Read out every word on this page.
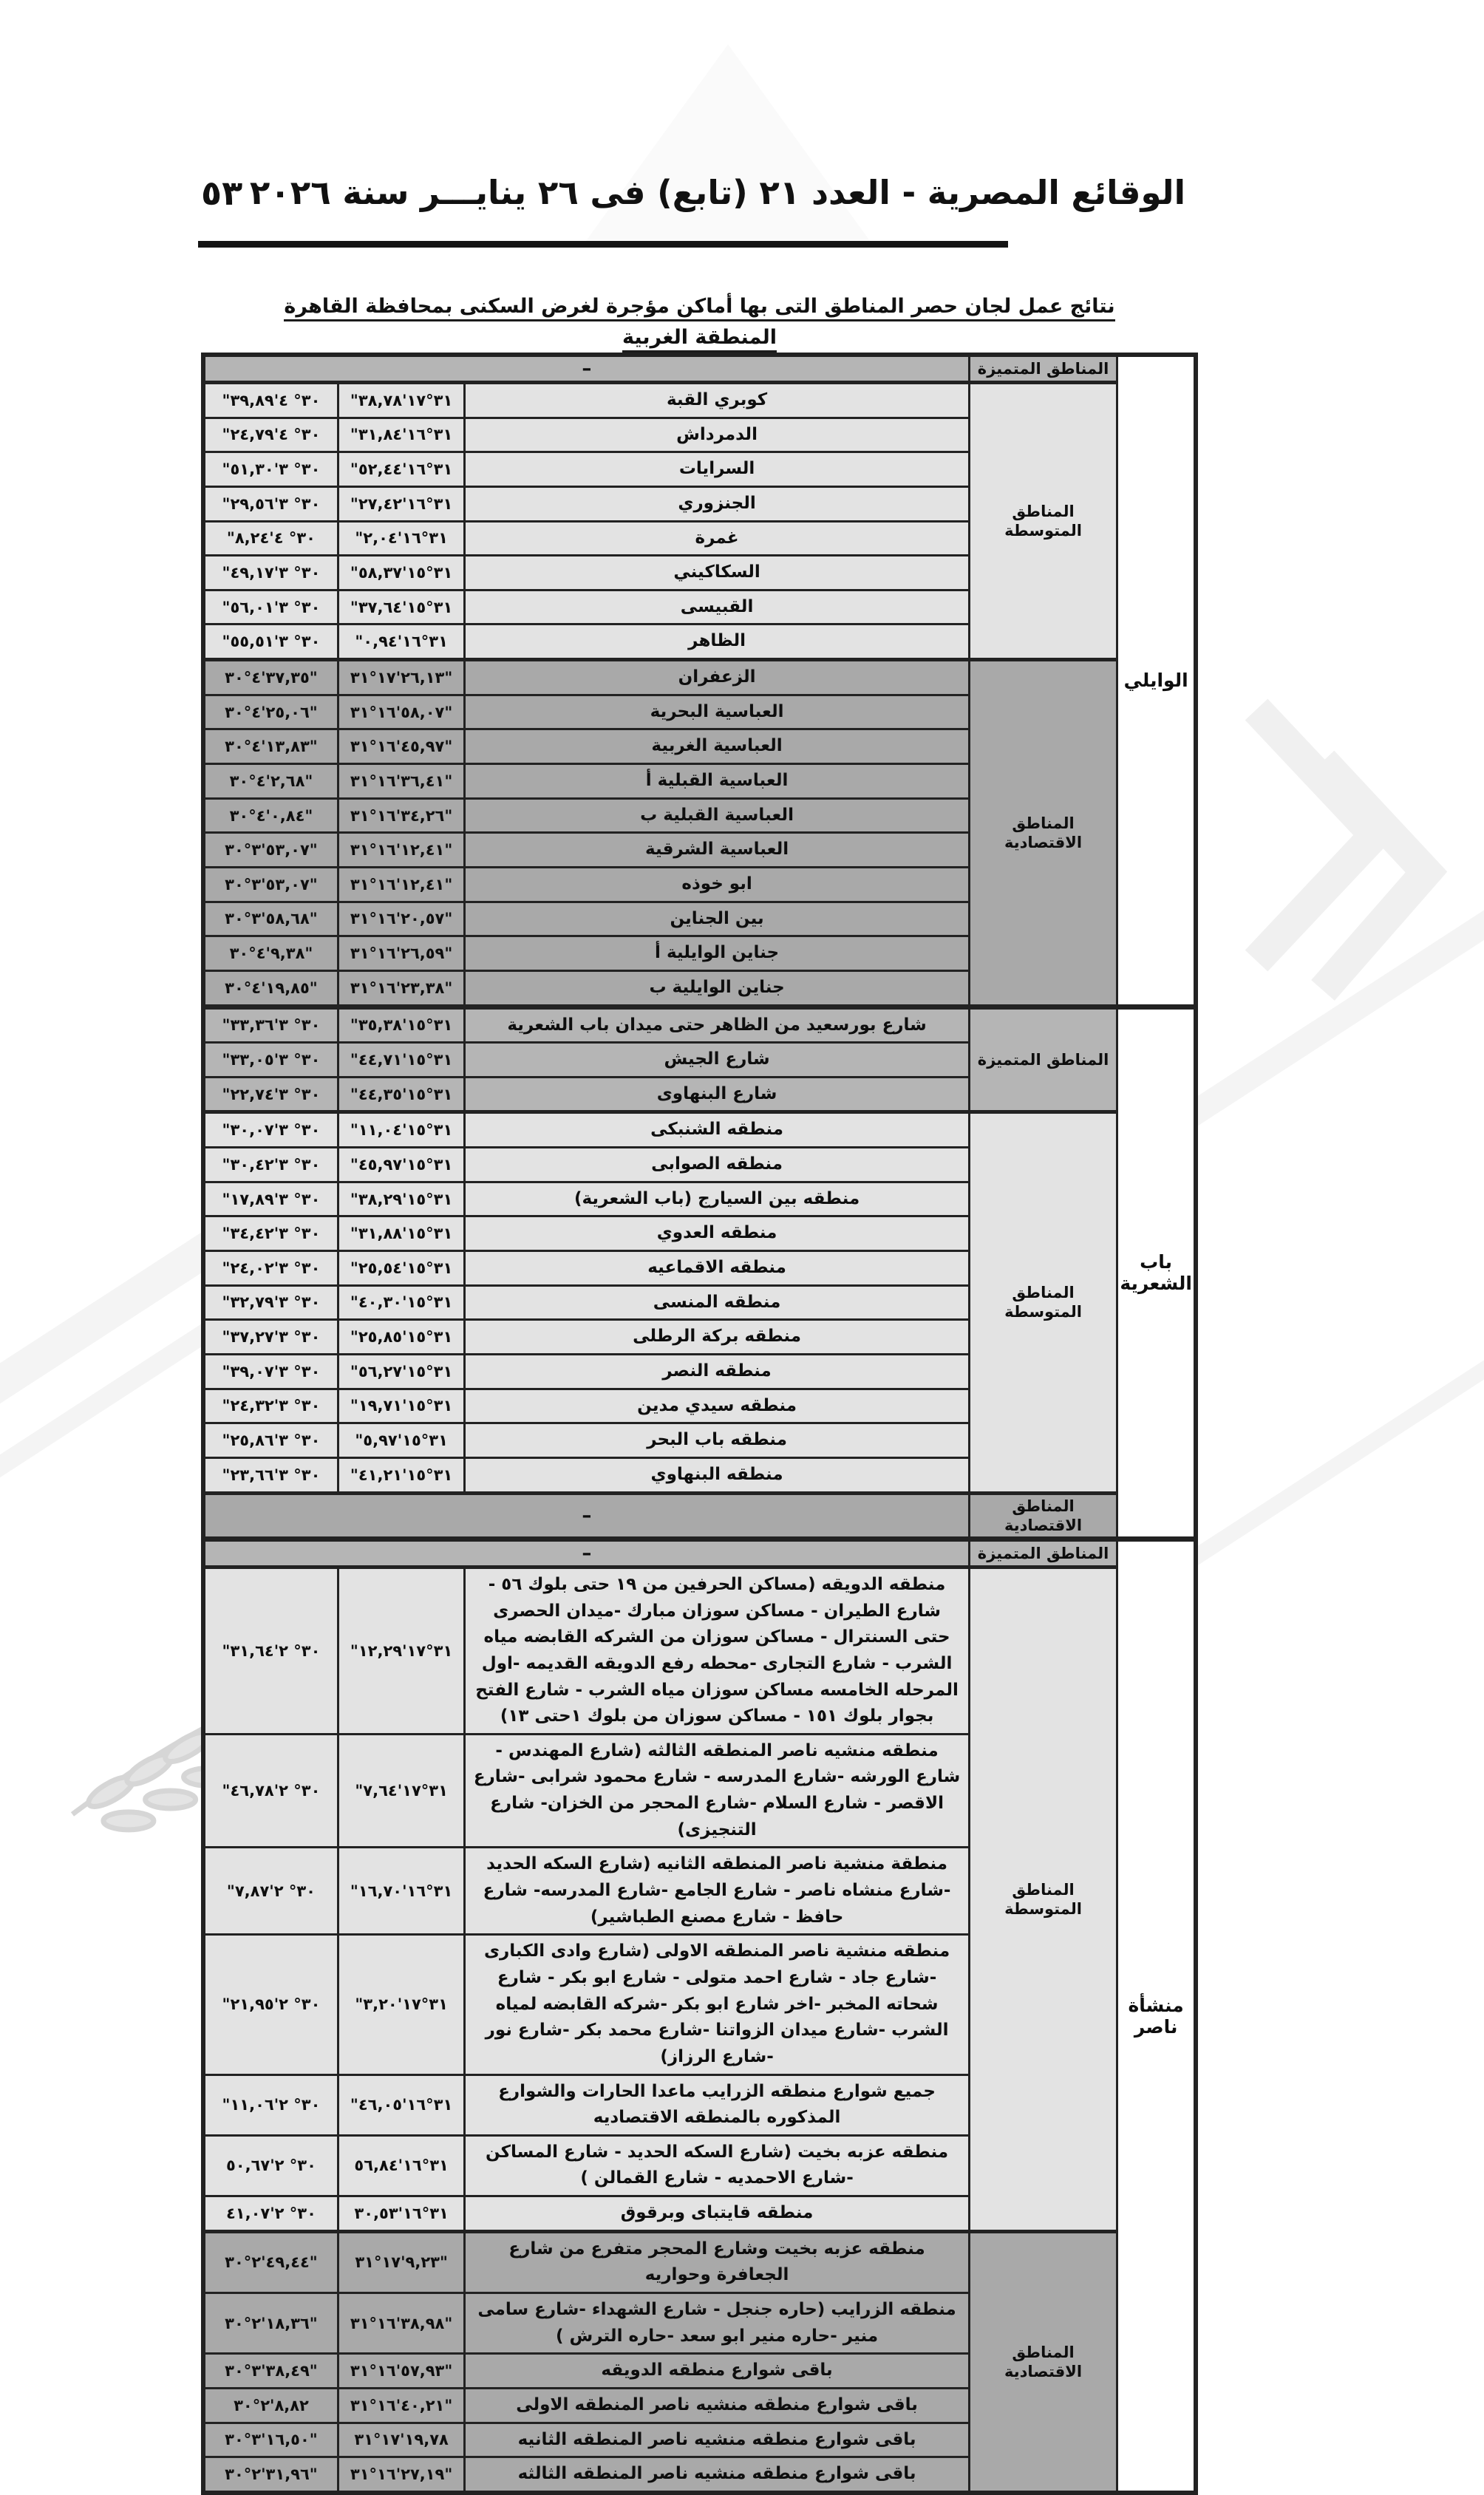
٥٣ الوقائع المصرية - العدد ٢١ (تابع) فى ٢٦ ينايـــر سنة ٢٠٢٦
نتائج عمل لجان حصر المناطق التى بها أماكن مؤجرة لغرض السكنى بمحافظة القاهرة
المنطقة الغربية
الوايلي	المناطق المتميزة	–		
	المناطق المتوسطة	كوبري القبة	"٣٨,٧٨'١٧°٣١	"٣٩,٨٩'٤ °٣٠
		الدمرداش	"٣١,٨٤'١٦°٣١	"٢٤,٧٩'٤ °٣٠
		السرايات	"٥٢,٤٤'١٦°٣١	"٥١,٣٠'٣ °٣٠
		الجنزوري	"٢٧,٤٢'١٦°٣١	"٢٩,٥٦'٣ °٣٠
		غمرة	"٢,٠٤'١٦°٣١	"٨,٢٤'٤ °٣٠
		السكاكيني	"٥٨,٣٧'١٥°٣١	"٤٩,١٧'٣ °٣٠
		القبيسى	"٣٧,٦٤'١٥°٣١	"٥٦,٠١'٣ °٣٠
		الظاهر	"٠,٩٤'١٦°٣١	"٥٥,٥١'٣ °٣٠
	المناطق الاقتصادية	الزعفران	٣١°١٧'٢٦,١٣"	٣٠°٤'٣٧,٣٥"
		العباسية البحرية	٣١°١٦'٥٨,٠٧"	٣٠°٤'٢٥,٠٦"
		العباسية الغربية	٣١°١٦'٤٥,٩٧"	٣٠°٤'١٣,٨٣"
		العباسية القبلية أ	٣١°١٦'٣٦,٤١"	٣٠°٤'٢,٦٨"
		العباسية القبلية ب	٣١°١٦'٣٤,٢٦"	٣٠°٤'٠,٨٤"
		العباسية الشرقية	٣١°١٦'١٢,٤١"	٣٠°٣'٥٣,٠٧"
		ابو خوذه	٣١°١٦'١٢,٤١"	٣٠°٣'٥٣,٠٧"
		بين الجناين	٣١°١٦'٢٠,٥٧"	٣٠°٣'٥٨,٦٨"
		جناين الوايلية أ	٣١°١٦'٢٦,٥٩"	٣٠°٤'٩,٣٨"
		جناين الوايلية ب	٣١°١٦'٢٣,٣٨"	٣٠°٤'١٩,٨٥"
باب الشعرية	المناطق المتميزة	شارع بورسعيد من الظاهر حتى ميدان باب الشعرية	"٣٥,٣٨'١٥°٣١	"٣٣,٣٦'٣ °٣٠
		شارع الجيش	"٤٤,٧١'١٥°٣١	"٣٣,٠٥'٣ °٣٠
		شارع البنهاوى	"٤٤,٣٥'١٥°٣١	"٢٢,٧٤'٣ °٣٠
	المناطق المتوسطة	منطقه الشنبكى	"١١,٠٤'١٥°٣١	"٣٠,٠٧'٣ °٣٠
		منطقه الصوابى	"٤٥,٩٧'١٥°٣١	"٣٠,٤٢'٣ °٣٠
		منطقه بين السيارج (باب الشعرية)	"٣٨,٢٩'١٥°٣١	"١٧,٨٩'٣ °٣٠
		منطقه العدوي	"٣١,٨٨'١٥°٣١	"٣٤,٤٢'٣ °٣٠
		منطقه الاقماعيه	"٢٥,٥٤'١٥°٣١	"٢٤,٠٢'٣ °٣٠
		منطقه المنسى	"٤٠,٣٠'١٥°٣١	"٣٢,٧٩'٣ °٣٠
		منطقه بركة الرطلى	"٢٥,٨٥'١٥°٣١	"٣٧,٢٧'٣ °٣٠
		منطقه النصر	"٥٦,٢٧'١٥°٣١	"٣٩,٠٧'٣ °٣٠
		منطقه سيدي مدين	"١٩,٧١'١٥°٣١	"٢٤,٣٢'٣ °٣٠
		منطقه باب البحر	"٥,٩٧'١٥°٣١	"٢٥,٨٦'٣ °٣٠
		منطقه البنهاوي	"٤١,٢١'١٥°٣١	"٢٣,٦٦'٣ °٣٠
	المناطق الاقتصادية	–		
منشأة ناصر	المناطق المتميزة	–		
	المناطق المتوسطة	منطقه الدويقه (مساكن الحرفين من ١٩ حتى بلوك ٥٦ - شارع الطيران - مساكن سوزان مبارك -ميدان الحصرى حتى السنترال - مساكن سوزان من الشركه القابضه مياه الشرب - شارع التجارى -محطه رفع الدويقه القديمه -اول المرحله الخامسه مساكن سوزان مياه الشرب - شارع الفتح بجوار بلوك ١٥١ - مساكن سوزان من بلوك ١حتى ١٣)	"١٢,٢٩'١٧°٣١	"٣١,٦٤'٢ °٣٠
		منطقه منشيه ناصر المنطقه الثالثه (شارع المهندس - شارع الورشه -شارع المدرسه - شارع محمود شرابى -شارع الاقصر - شارع السلام -شارع المحجر من الخزان- شارع التنجيزى)	"٧,٦٤'١٧°٣١	"٤٦,٧٨'٢ °٣٠
		منطقة منشية ناصر المنطقه الثانيه (شارع السكه الحديد -شارع منشاه ناصر - شارع الجامع -شارع المدرسه- شارع حافظ - شارع مصنع الطباشير)	"١٦,٧٠'١٦°٣١	"٧,٨٧'٢ °٣٠
		منطقه منشية ناصر المنطقه الاولى (شارع وادى الكبارى -شارع جاد - شارع احمد متولى - شارع ابو بكر - شارع شحاته المخبر -اخر شارع ابو بكر -شركه القابضه لمياه الشرب -شارع ميدان الزواتنا -شارع محمد بكر -شارع نور -شارع الرزاز)	"٣,٢٠'١٧°٣١	"٢١,٩٥'٢ °٣٠
		جميع شوارع منطقه الزرايب ماعدا الحارات والشوارع المذكوره بالمنطقه الاقتصاديه	"٤٦,٠٥'١٦°٣١	"١١,٠٦'٢ °٣٠
		منطقه عزبه بخيت (شارع السكه الحديد - شارع المساكن -شارع الاحمديه - شارع القمالن )	٥٦,٨٤'١٦°٣١	٥٠,٦٧'٢ °٣٠
		منطقه قايتباى وبرقوق	٣٠,٥٣'١٦°٣١	٤١,٠٧'٢ °٣٠
	المناطق الاقتصادية	منطقه عزبه بخيت وشارع المحجر متفرع من شارع الجعافرة وحواريه	٣١°١٧'٩,٢٣"	٣٠°٢'٤٩,٤٤"
		منطقه الزرايب (حاره جنجل - شارع الشهداء -شارع سامى منير -حاره منير ابو سعد -حاره الترش )	٣١°١٦'٣٨,٩٨"	٣٠°٢'١٨,٣٦"
		باقى شوارع منطقه الدويقه	٣١°١٦'٥٧,٩٣"	٣٠°٣'٣٨,٤٩"
		باقى شوارع منطقه منشيه ناصر المنطقه الاولى	٣١°١٦'٤٠,٢١"	٣٠°٢'٨,٨٢
		باقى شوارع منطقه منشيه ناصر المنطقه الثانيه	٣١°١٧'١٩,٧٨	٣٠°٣'١٦,٥٠"
		باقى شوارع منطقه منشيه ناصر المنطقه الثالثه	٣١°١٦'٢٧,١٩"	٣٠°٢'٣١,٩٦"
